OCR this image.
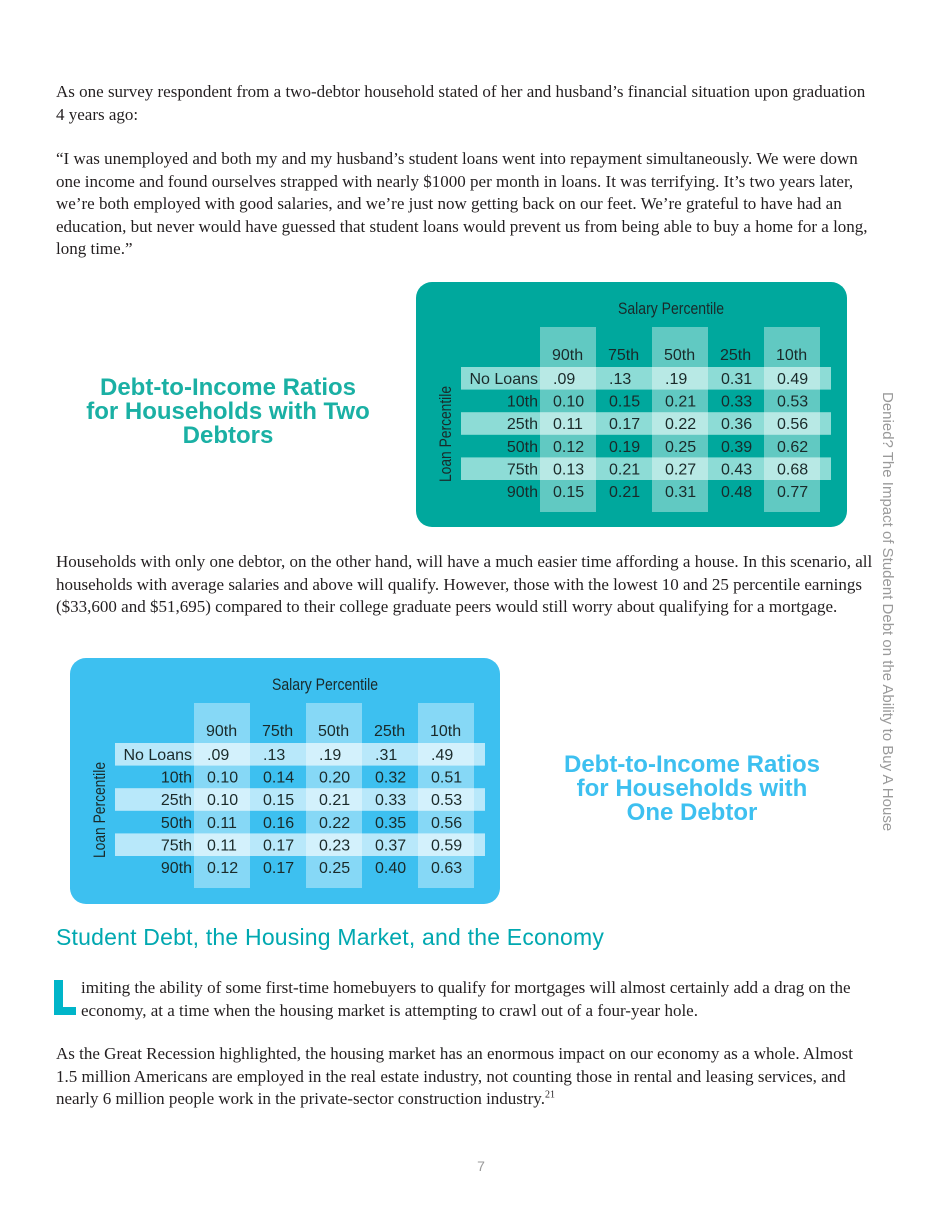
As one survey respondent from a two-debtor household stated of her and husband’s financial situation upon graduation 4 years ago:

“I was unemployed and both my and my husband’s student loans went into repayment simultaneously. We were down one income and found ourselves strapped with nearly $1000 per month in loans. It was terrifying. It’s two years later, we’re both employed with good salaries, and we’re just now getting back on our feet. We’re grateful to have had an education, but never would have guessed that student loans would prevent us from being able to buy a home for a long, long time.”

Salary Percentile
Loan Percentile
90th 75th 50th 25th 10th
No Loans .09 .13 .19 0.31 0.49
10th 0.10 0.15 0.21 0.33 0.53
25th 0.11 0.17 0.22 0.36 0.56
50th 0.12 0.19 0.25 0.39 0.62
75th 0.13 0.21 0.27 0.43 0.68
90th 0.15 0.21 0.31 0.48 0.77
Debt-to-Income Ratios
for Households with Two
Debtors

Households with only one debtor, on the other hand, will have a much easier time affording a house. In this scenario, all households with average salaries and above will qualify. However, those with the lowest 10 and 25 percentile earnings ($33,600 and $51,695) compared to their college graduate peers would still worry about qualifying for a mortgage.

Salary Percentile
Loan Percentile
90th 75th 50th 25th 10th
No Loans .09 .13 .19 .31 .49
10th 0.10 0.14 0.20 0.32 0.51
25th 0.10 0.15 0.21 0.33 0.53
50th 0.11 0.16 0.22 0.35 0.56
75th 0.11 0.17 0.23 0.37 0.59
90th 0.12 0.17 0.25 0.40 0.63
Debt-to-Income Ratios
for Households with
One Debtor	Denied? The Impact of Student Debt on the Ability to Buy A House
Student Debt, the Housing Market, and the Economy

imiting the ability of some first-time homebuyers to qualify for mortgages will almost certainly add a drag on the economy, at a time when the housing market is attempting to crawl out of a four-year hole.

As the Great Recession highlighted, the housing market has an enormous impact on our economy as a whole. Almost 1.5 million Americans are employed in the real estate industry, not counting those in rental and leasing services, and nearly 6 million people work in the private-sector construction industry.$^{21}$

7
